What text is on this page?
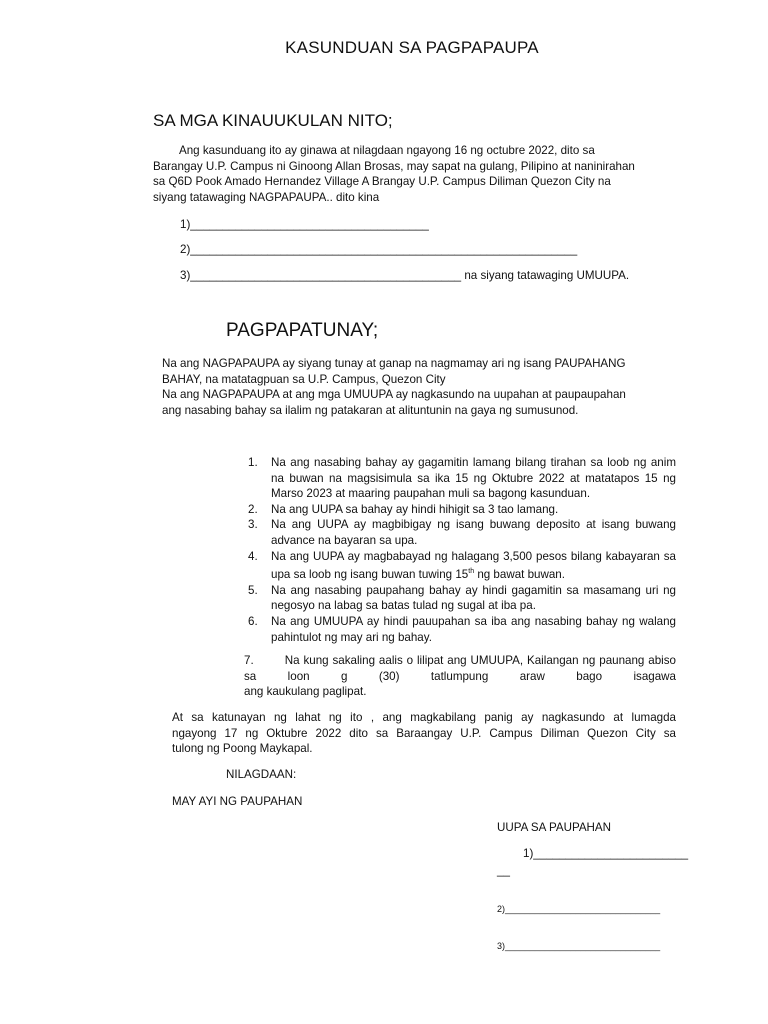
KASUNDUAN SA PAGPAPAUPA
SA MGA KINAUUKULAN NITO;
Ang kasunduang ito ay ginawa at nilagdaan ngayong 16 ng octubre 2022, dito sa
Barangay U.P. Campus ni Ginoong Allan Brosas, may sapat na gulang, Pilipino at naninirahan
sa Q6D Pook Amado Hernandez Village A Brangay U.P. Campus Diliman Quezon City na
siyang tatawaging NAGPAPAUPA.. dito kina
1)_____________________________________
2)____________________________________________________________
3)__________________________________________ na siyang tatawaging UMUUPA.
PAGPAPATUNAY;
Na ang NAGPAPAUPA ay siyang tunay at ganap na nagmamay ari ng isang PAUPAHANG
BAHAY, na matatagpuan sa U.P. Campus, Quezon City
Na ang NAGPAPAUPA at ang mga UMUUPA ay nagkasundo na uupahan at paupaupahan
ang nasabing bahay sa ilalim ng patakaran at alituntunin na gaya ng sumusunod.
1. Na ang nasabing bahay ay gagamitin lamang bilang tirahan sa loob ng anim na buwan na magsisimula sa ika 15 ng Oktubre 2022 at matatapos 15 ng Marso 2023 at maaring paupahan muli sa bagong kasunduan.
2. Na ang UUPA sa bahay ay hindi hihigit sa 3 tao lamang.
3. Na ang UUPA ay magbibigay ng isang buwang deposito at isang buwang advance na bayaran sa upa.
4. Na ang UUPA ay magbabayad ng halagang 3,500 pesos bilang kabayaran sa upa sa loob ng isang buwan tuwing 15th ng bawat buwan.
5. Na ang nasabing paupahang bahay ay hindi gagamitin sa masamang uri ng negosyo na labag sa batas tulad ng sugal at iba pa.
6. Na ang UMUUPA ay hindi pauupahan sa iba ang nasabing bahay ng walang pahintulot ng may ari ng bahay.
7.        Na kung sakaling aalis o lilipat ang UMUUPA, Kailangan ng paunang abiso sa loon g (30) tatlumpung araw bago isagawa
ang kaukulang paglipat.
At sa katunayan ng lahat ng ito , ang magkabilang panig ay nagkasundo at lumagda
ngayong 17 ng Oktubre 2022 dito sa Baraangay U.P. Campus Diliman Quezon City sa
tulong ng Poong Maykapal.
NILAGDAAN:
MAY AYI NG PAUPAHAN
UUPA SA PAUPAHAN
1)________________________
__
2)_______________________________
3)_______________________________
